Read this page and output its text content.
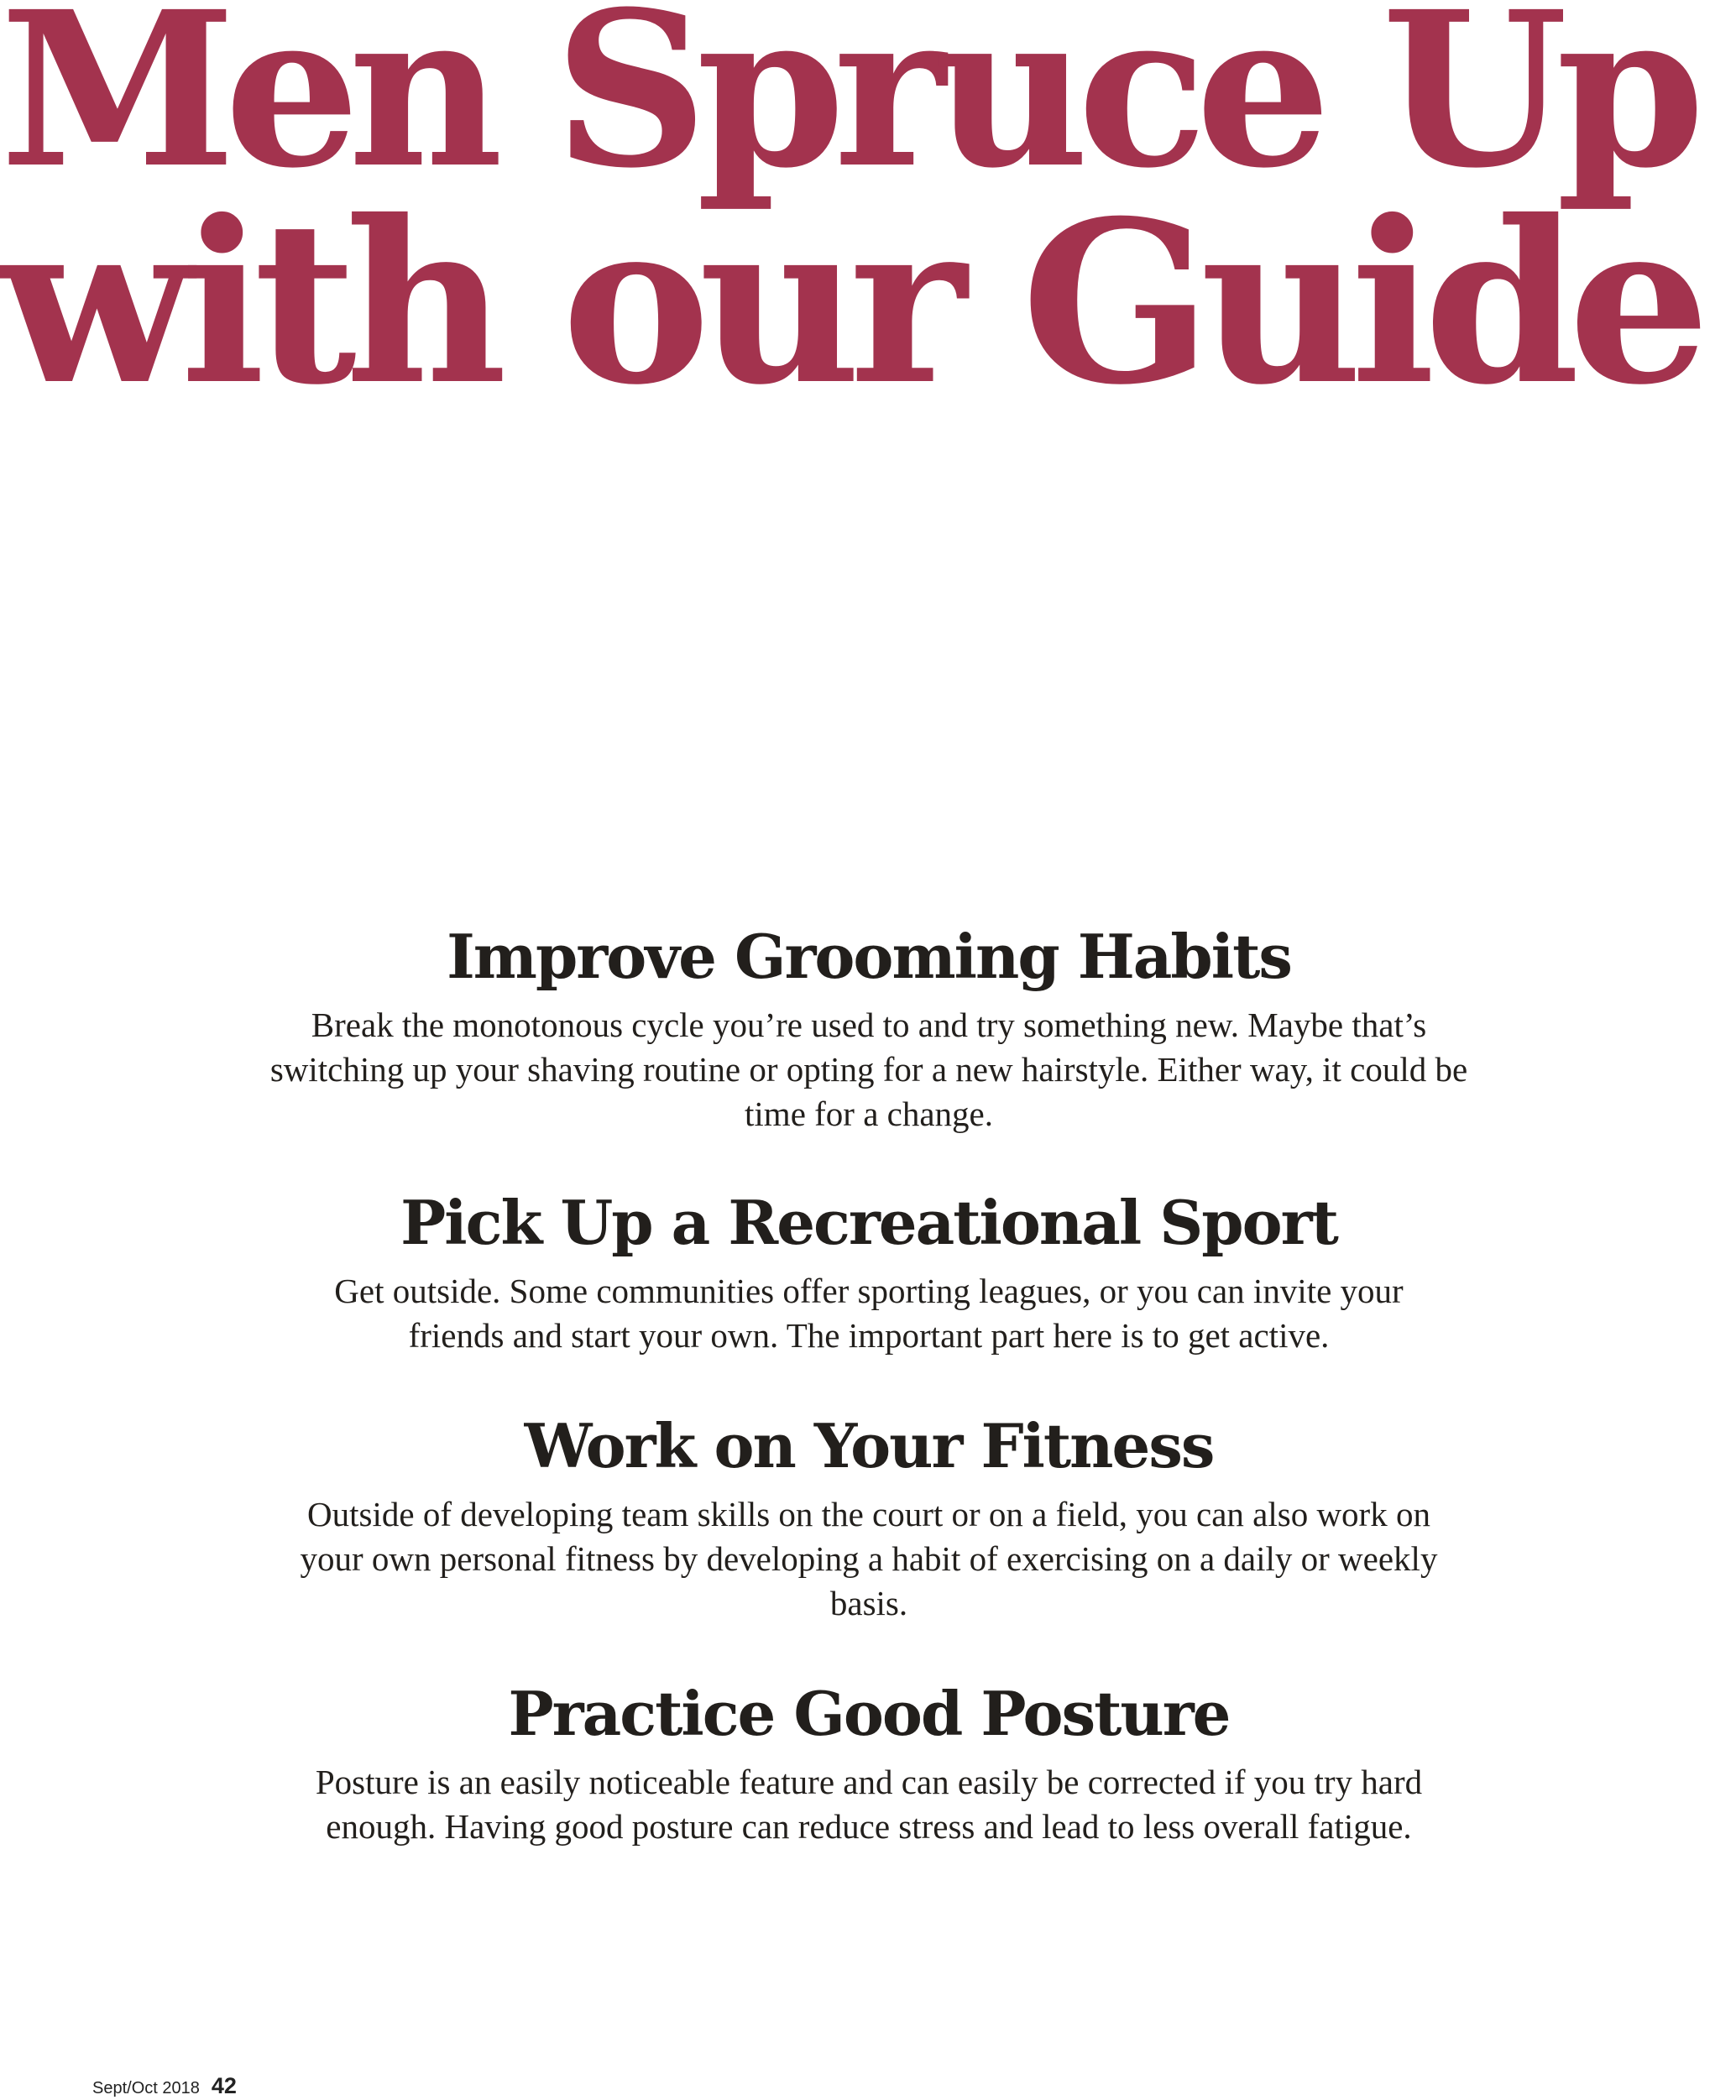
Men Spruce Up
with our Guide
Improve Grooming Habits

Break the monotonous cycle you’re used to and try something new. Maybe that’s switching up your shaving routine or opting for a new hairstyle. Either way, it could be time for a change.

Pick Up a Recreational Sport

Get outside. Some communities offer sporting leagues, or you can invite your friends and start your own. The important part here is to get active.

Work on Your Fitness

Outside of developing team skills on the court or on a field, you can also work on your own personal fitness by developing a habit of exercising on a daily or weekly basis.

Practice Good Posture

Posture is an easily noticeable feature and can easily be corrected if you try hard enough. Having good posture can reduce stress and lead to less overall fatigue.

Sept/Oct 2018 42
